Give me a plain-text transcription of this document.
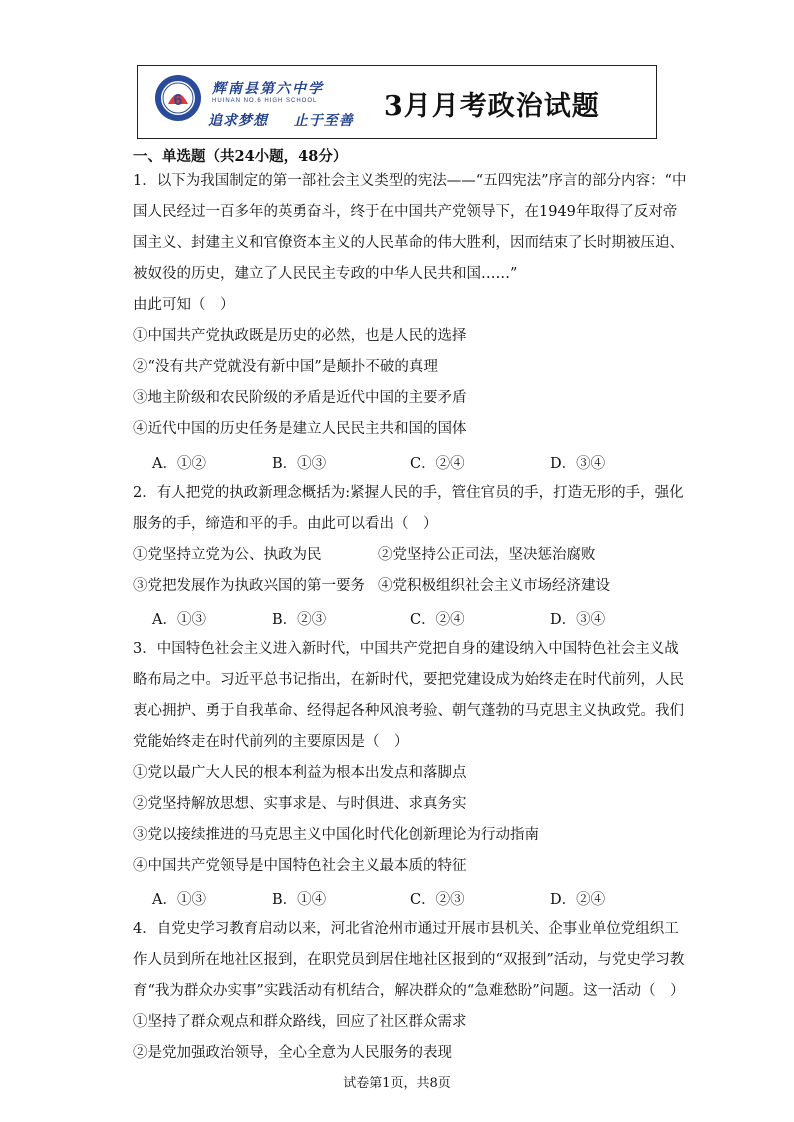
6
辉南县第六中学
HUINAN NO.6 HIGH SCHOOL
追求梦想 止于至善 3月月考政治试题
一、单选题（共24小题，48分）
1．以下为我国制定的第一部社会主义类型的宪法——“五四宪法”序言的部分内容：“中
国人民经过一百多年的英勇奋斗，终于在中国共产党领导下，在1949年取得了反对帝
国主义、封建主义和官僚资本主义的人民革命的伟大胜利，因而结束了长时期被压迫、
被奴役的历史，建立了人民民主专政的中华人民共和国……”
由此可知（　）
①中国共产党执政既是历史的必然，也是人民的选择
②“没有共产党就没有新中国”是颠扑不破的真理
③地主阶级和农民阶级的矛盾是近代中国的主要矛盾
④近代中国的历史任务是建立人民民主共和国的国体
A．①②	B．①③	C．②④	D．③④
2．有人把党的执政新理念概括为:紧握人民的手，管住官员的手，打造无形的手，强化
服务的手，缔造和平的手。由此可以看出（　）
①党坚持立党为公、执政为民	②党坚持公正司法，坚决惩治腐败
③党把发展作为执政兴国的第一要务 ④党积极组织社会主义市场经济建设
A．①③	B．②③	C．②④	D．③④
3．中国特色社会主义进入新时代，中国共产党把自身的建设纳入中国特色社会主义战
略布局之中。习近平总书记指出，在新时代，要把党建设成为始终走在时代前列，人民
衷心拥护、勇于自我革命、经得起各种风浪考验、朝气蓬勃的马克思主义执政党。我们
党能始终走在时代前列的主要原因是（　）
①党以最广大人民的根本利益为根本出发点和落脚点
②党坚持解放思想、实事求是、与时俱进、求真务实
③党以接续推进的马克思主义中国化时代化创新理论为行动指南
④中国共产党领导是中国特色社会主义最本质的特征
A．①③	B．①④	C．②③	D．②④
4．自党史学习教育启动以来，河北省沧州市通过开展市县机关、企事业单位党组织工
作人员到所在地社区报到，在职党员到居住地社区报到的“双报到”活动，与党史学习教
育“我为群众办实事”实践活动有机结合，解决群众的“急难愁盼”问题。这一活动（　）
①坚持了群众观点和群众路线，回应了社区群众需求
②是党加强政治领导，全心全意为人民服务的表现
试卷第1页，共8页
